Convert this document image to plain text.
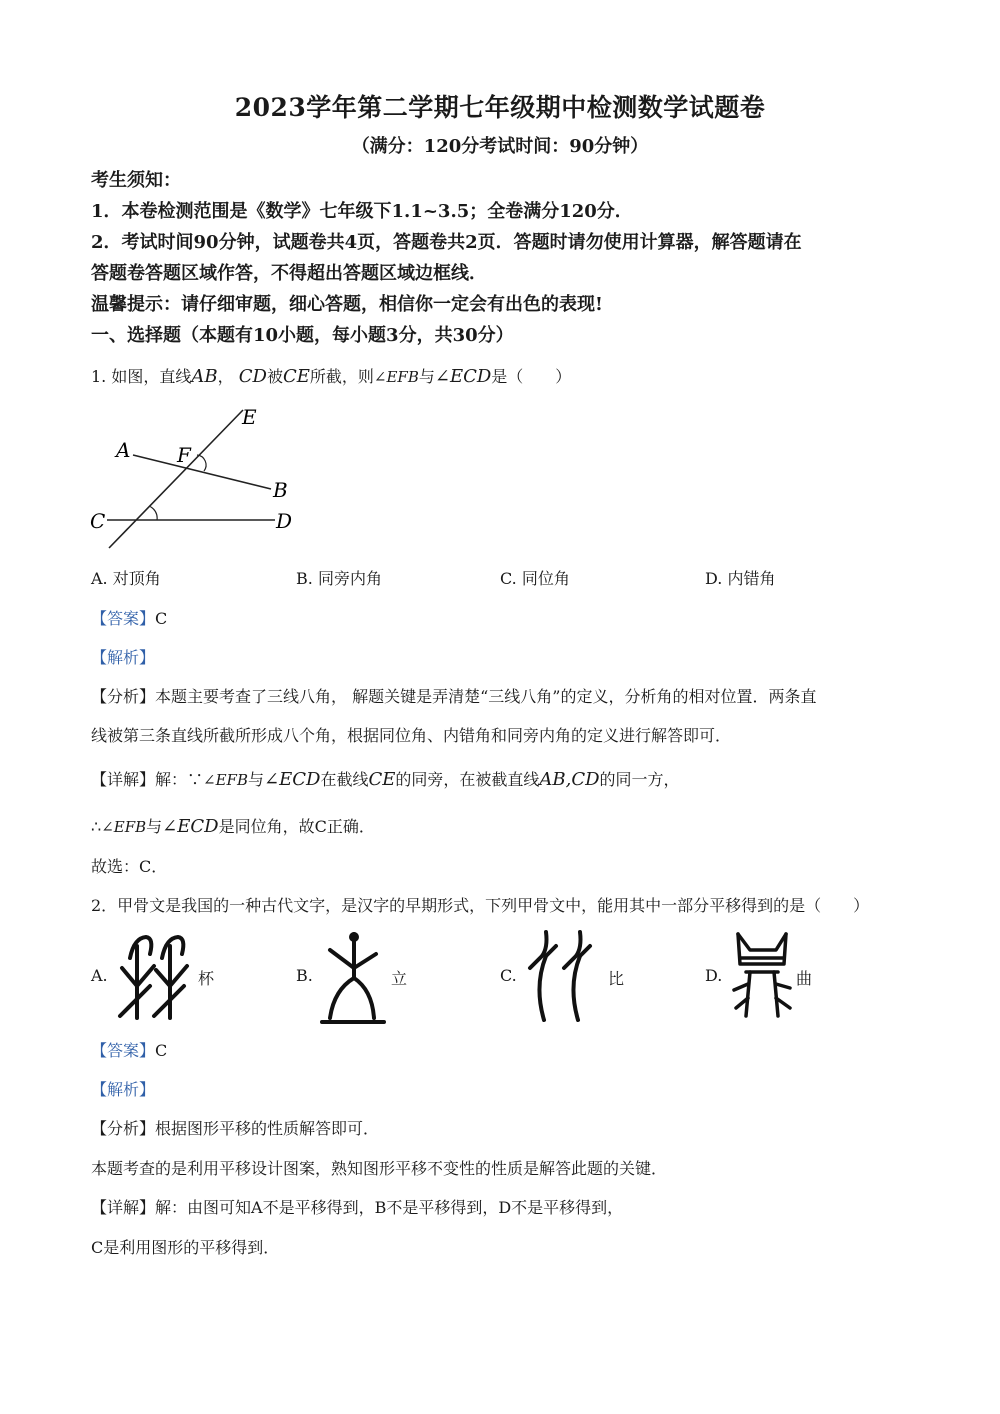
2023学年第二学期七年级期中检测数学试题卷
（满分：120分考试时间：90分钟）
考生须知：
1．本卷检测范围是《数学》七年级下1.1~3.5；全卷满分120分．
2．考试时间90分钟，试题卷共4页，答题卷共2页．答题时请勿使用计算器，解答题请在
答题卷答题区域作答，不得超出答题区域边框线．
温馨提示：请仔细审题，细心答题，相信你一定会有出色的表现!
一、选择题（本题有10小题，每小题3分，共30分）
1. 如图，直线AB， CD被CE所截，则∠EFB与∠ECD是（　　）
E
A F
B
C	D
A. 对顶角	B. 同旁内角	C. 同位角	D. 内错角
【答案】C
【解析】
【分析】本题主要考查了三线八角， 解题关键是弄清楚“三线八角”的定义，分析角的相对位置．两条直
线被第三条直线所截所形成八个角，根据同位角、内错角和同旁内角的定义进行解答即可．
【详解】解：∵∠EFB与∠ECD在截线CE的同旁，在被截直线AB,CD的同一方，
∴∠EFB与∠ECD是同位角，故C正确．
故选：C．
2．甲骨文是我国的一种古代文字，是汉字的早期形式，下列甲骨文中，能用其中一部分平移得到的是（　　）
A.	杯	B.	立	C.	比	D.	曲
【答案】C
【解析】
【分析】根据图形平移的性质解答即可．
本题考查的是利用平移设计图案，熟知图形平移不变性的性质是解答此题的关键．
【详解】解：由图可知A不是平移得到，B不是平移得到，D不是平移得到，
C是利用图形的平移得到．
